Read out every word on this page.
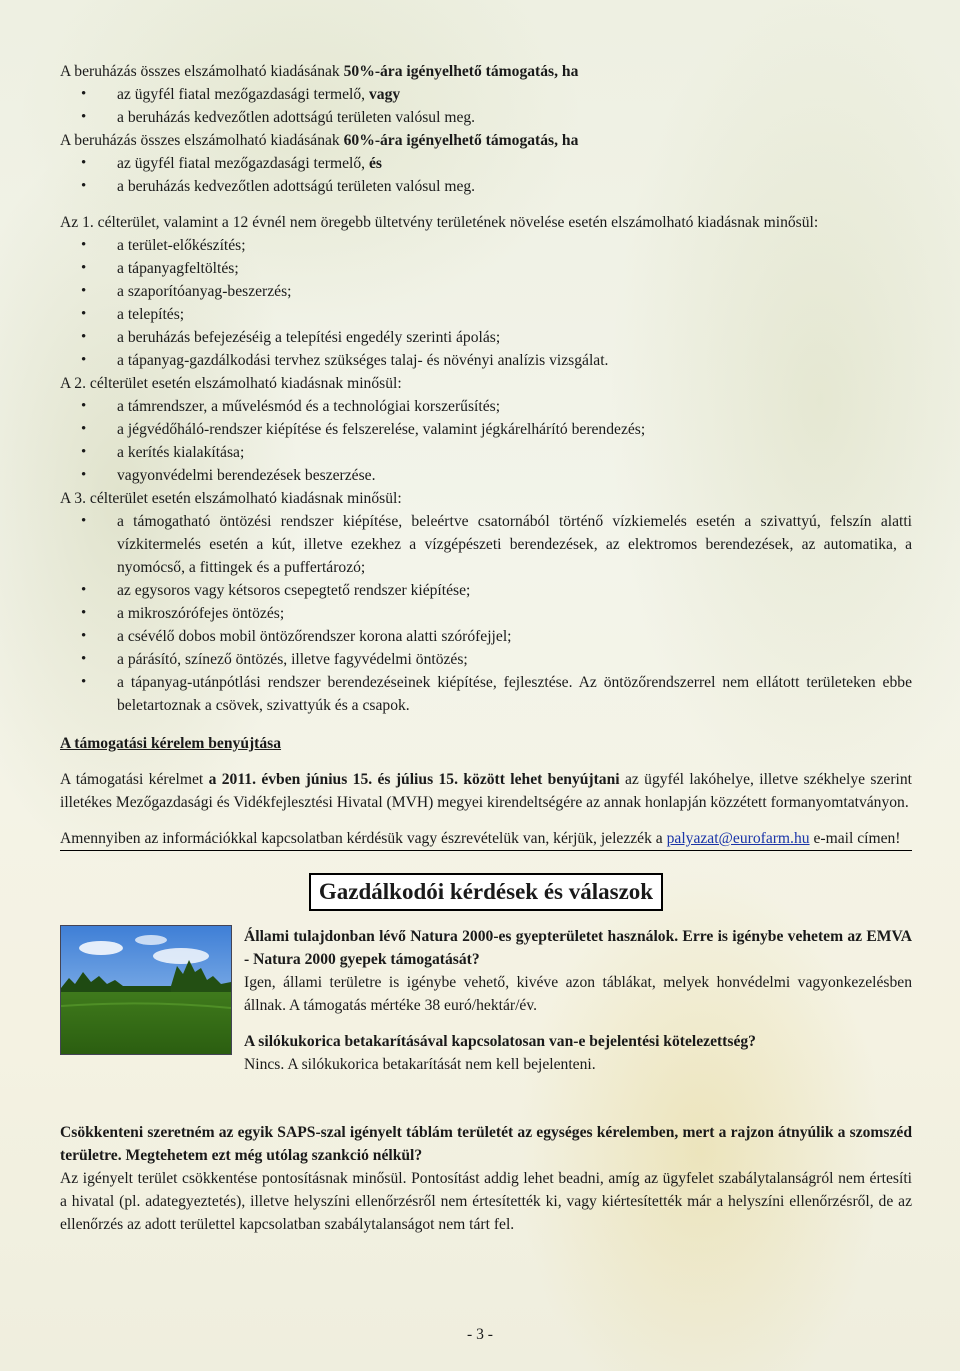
A beruházás összes elszámolható kiadásának 50%-ára igényelhető támogatás, ha

• az ügyfél fiatal mezőgazdasági termelő, vagy
• a beruházás kedvezőtlen adottságú területen valósul meg.

A beruházás összes elszámolható kiadásának 60%-ára igényelhető támogatás, ha

• az ügyfél fiatal mezőgazdasági termelő, és
• a beruházás kedvezőtlen adottságú területen valósul meg.

Az 1. célterület, valamint a 12 évnél nem öregebb ültetvény területének növelése esetén elszámolható kiadásnak minősül:

• a terület-előkészítés;
• a tápanyagfeltöltés;
• a szaporítóanyag-beszerzés;
• a telepítés;
• a beruházás befejezéséig a telepítési engedély szerinti ápolás;
• a tápanyag-gazdálkodási tervhez szükséges talaj- és növényi analízis vizsgálat.

A 2. célterület esetén elszámolható kiadásnak minősül:

• a támrendszer, a művelésmód és a technológiai korszerűsítés;
• a jégvédőháló-rendszer kiépítése és felszerelése, valamint jégkárelhárító berendezés;
• a kerítés kialakítása;
• vagyonvédelmi berendezések beszerzése.

A 3. célterület esetén elszámolható kiadásnak minősül:

• a támogatható öntözési rendszer kiépítése, beleértve csatornából történő vízkiemelés esetén a szivattyú, felszín alatti vízkitermelés esetén a kút, illetve ezekhez a vízgépészeti berendezések, az elektromos berendezések, az automatika, a nyomócső, a fittingek és a puffertározó;
• az egysoros vagy kétsoros csepegtető rendszer kiépítése;
• a mikroszórófejes öntözés;
• a csévélő dobos mobil öntözőrendszer korona alatti szórófejjel;
• a párásító, színező öntözés, illetve fagyvédelmi öntözés;
• a tápanyag-utánpótlási rendszer berendezéseinek kiépítése, fejlesztése. Az öntözőrendszerrel nem ellátott területeken ebbe beletartoznak a csövek, szivattyúk és a csapok.

A támogatási kérelem benyújtása

A támogatási kérelmet a 2011. évben június 15. és július 15. között lehet benyújtani az ügyfél lakóhelye, illetve székhelye szerint illetékes Mezőgazdasági és Vidékfejlesztési Hivatal (MVH) megyei kirendeltségére az annak honlapján közzétett formanyomtatványon.

Amennyiben az információkkal kapcsolatban kérdésük vagy észrevételük van, kérjük, jelezzék a palyazat@eurofarm.hu e-mail címen!

Gazdálkodói kérdések és válaszok

Állami tulajdonban lévő Natura 2000-es gyepterületet használok. Erre is igénybe vehetem az EMVA - Natura 2000 gyepek támogatását?

Igen, állami területre is igénybe vehető, kivéve azon táblákat, melyek honvédelmi vagyonkezelésben állnak. A támogatás mértéke 38 euró/hektár/év.

A silókukorica betakarításával kapcsolatosan van-e bejelentési kötelezettség?

Nincs. A silókukorica betakarítását nem kell bejelenteni.

Csökkenteni szeretném az egyik SAPS-szal igényelt táblám területét az egységes kérelemben, mert a rajzon átnyúlik a szomszéd területre. Megtehetem ezt még utólag szankció nélkül?

Az igényelt terület csökkentése pontosításnak minősül. Pontosítást addig lehet beadni, amíg az ügyfelet szabálytalanságról nem értesíti a hivatal (pl. adategyeztetés), illetve helyszíni ellenőrzésről nem értesítették ki, vagy kiértesítették már a helyszíni ellenőrzésről, de az ellenőrzés az adott területtel kapcsolatban szabálytalanságot nem tárt fel.

- 3 -
